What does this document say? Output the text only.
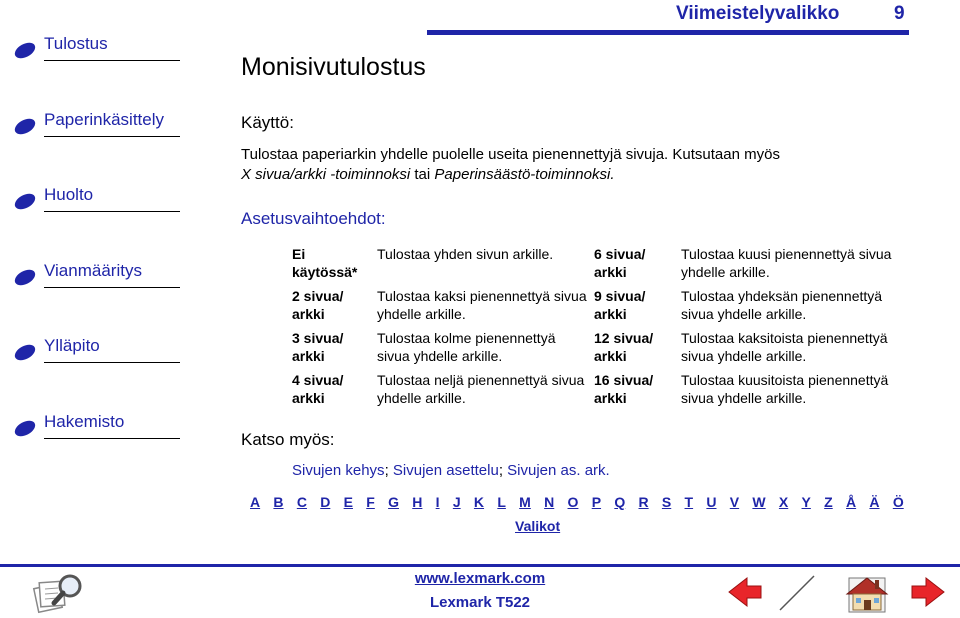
Tulostus
Paperinkäsittely
Huolto
Vianmääritys
Ylläpito
Hakemisto
Viimeistelyvalikko	9
Monisivutulostus
Käyttö:
Tulostaa paperiarkin yhdelle puolelle useita pienennettyjä sivuja. Kutsutaan myös
X sivua/arkki -toiminnoksi tai Paperinsäästö-toiminnoksi.
Asetusvaihtoehdot:
Ei käytössä*
Tulostaa yhden sivun arkille.	6 sivua/ arkki
Tulostaa kuusi pienennettyä sivua yhdelle arkille.
2 sivua/ arkki
Tulostaa kaksi pienennettyä sivua yhdelle arkille.
9 sivua/ arkki
Tulostaa yhdeksän pienennettyä sivua yhdelle arkille.
3 sivua/ arkki
Tulostaa kolme pienennettyä sivua yhdelle arkille.
12 sivua/ arkki
Tulostaa kaksitoista pienennettyä sivua yhdelle arkille.
4 sivua/ arkki
Tulostaa neljä pienennettyä sivua yhdelle arkille.
16 sivua/ arkki
Tulostaa kuusitoista pienennettyä sivua yhdelle arkille.
Katso myös:
Sivujen kehys; Sivujen asettelu; Sivujen as. ark.
A B C D E F G H I J K L M N O P Q R S T U V W X Y Z Å Ä Ö
Valikot
www.lexmark.com
Lexmark T522
